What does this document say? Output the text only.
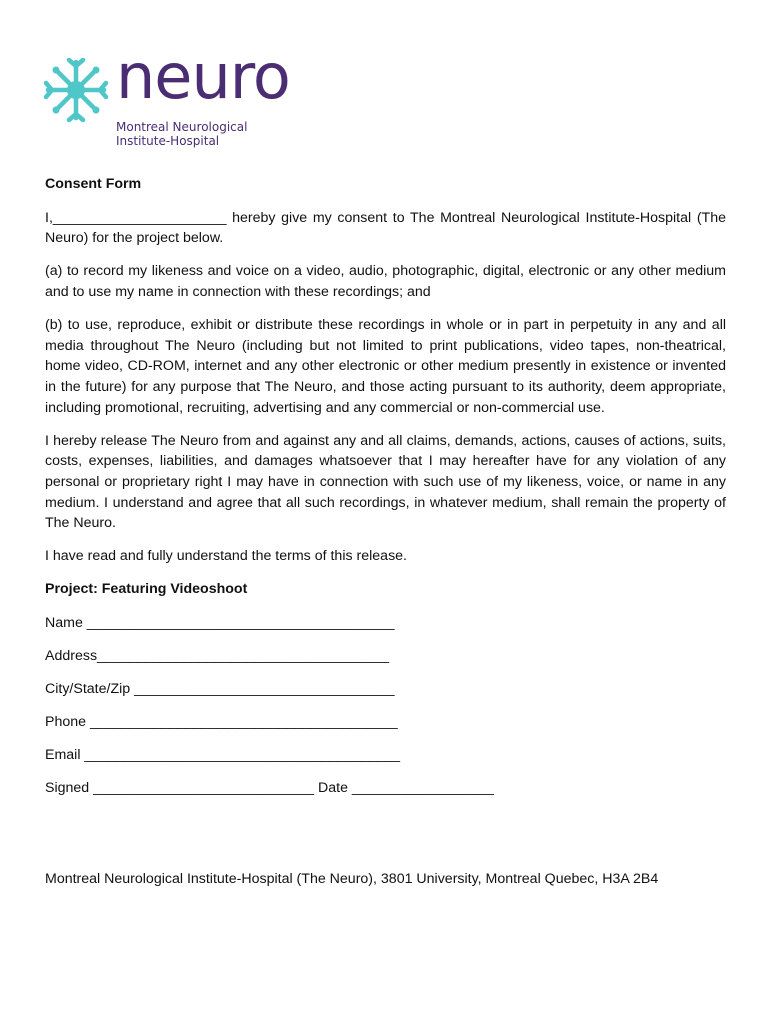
neuro
Montreal Neurological
Institute-Hospital

Consent Form

I,______________________ hereby give my consent to The Montreal Neurological Institute-Hospital (The Neuro) for the project below.

(a) to record my likeness and voice on a video, audio, photographic, digital, electronic or any other medium and to use my name in connection with these recordings; and

(b) to use, reproduce, exhibit or distribute these recordings in whole or in part in perpetuity in any and all media throughout The Neuro (including but not limited to print publications, video tapes, non-theatrical, home video, CD-ROM, internet and any other electronic or other medium presently in existence or invented in the future) for any purpose that The Neuro, and those acting pursuant to its authority, deem appropriate, including promotional, recruiting, advertising and any commercial or non-commercial use.

I hereby release The Neuro from and against any and all claims, demands, actions, causes of actions, suits, costs, expenses, liabilities, and damages whatsoever that I may hereafter have for any violation of any personal or proprietary right I may have in connection with such use of my likeness, voice, or name in any medium. I understand and agree that all such recordings, in whatever medium, shall remain the property of The Neuro.

I have read and fully understand the terms of this release.

Project: Featuring Videoshoot

Name _______________________________________
Address_____________________________________
City/State/Zip _________________________________
Phone _______________________________________
Email ________________________________________
Signed ____________________________ Date __________________
Montreal Neurological Institute-Hospital (The Neuro), 3801 University, Montreal Quebec, H3A 2B4
